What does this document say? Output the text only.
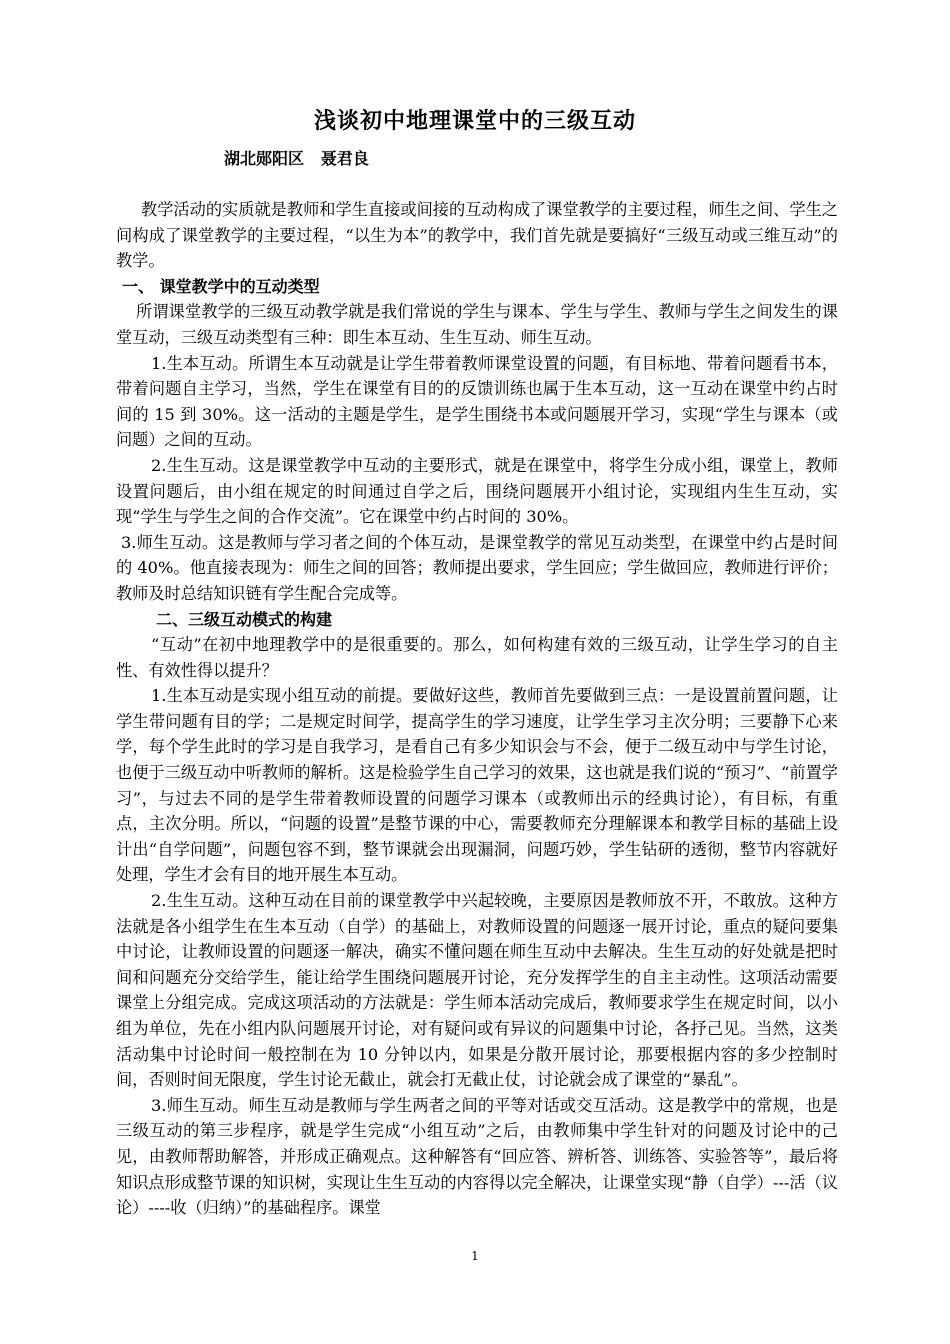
浅谈初中地理课堂中的三级互动
湖北郧阳区   聂君良

教学活动的实质就是教师和学生直接或间接的互动构成了课堂教学的主要过程，师生之间、学生之间构成了课堂教学的主要过程，“以生为本”的教学中，我们首先就是要搞好“三级互动或三维互动”的教学。

一、 课堂教学中的互动类型

所谓课堂教学的三级互动教学就是我们常说的学生与课本、学生与学生、教师与学生之间发生的课堂互动，三级互动类型有三种：即生本互动、生生互动、师生互动。

1.生本互动。所谓生本互动就是让学生带着教师课堂设置的问题，有目标地、带着问题看书本，带着问题自主学习，当然，学生在课堂有目的的反馈训练也属于生本互动，这一互动在课堂中约占时间的 15 到 30%。这一活动的主题是学生，是学生围绕书本或问题展开学习，实现“学生与课本（或问题）之间的互动。

2.生生互动。这是课堂教学中互动的主要形式，就是在课堂中，将学生分成小组，课堂上，教师设置问题后，由小组在规定的时间通过自学之后，围绕问题展开小组讨论，实现组内生生互动，实现“学生与学生之间的合作交流”。它在课堂中约占时间的 30%。

3.师生互动。这是教师与学习者之间的个体互动，是课堂教学的常见互动类型，在课堂中约占是时间的 40%。他直接表现为：师生之间的回答；教师提出要求，学生回应；学生做回应，教师进行评价；教师及时总结知识链有学生配合完成等。

二、三级互动模式的构建

“互动”在初中地理教学中的是很重要的。那么，如何构建有效的三级互动，让学生学习的自主性、有效性得以提升？

1.生本互动是实现小组互动的前提。要做好这些，教师首先要做到三点：一是设置前置问题，让学生带问题有目的学；二是规定时间学，提高学生的学习速度，让学生学习主次分明；三要静下心来学，每个学生此时的学习是自我学习，是看自己有多少知识会与不会，便于二级互动中与学生讨论，也便于三级互动中听教师的解析。这是检验学生自己学习的效果，这也就是我们说的“预习”、“前置学习”，与过去不同的是学生带着教师设置的问题学习课本（或教师出示的经典讨论），有目标，有重点，主次分明。所以，“问题的设置”是整节课的中心，需要教师充分理解课本和教学目标的基础上设计出“自学问题”，问题包容不到，整节课就会出现漏洞，问题巧妙，学生钻研的透彻，整节内容就好处理，学生才会有目的地开展生本互动。

2.生生互动。这种互动在目前的课堂教学中兴起较晚，主要原因是教师放不开，不敢放。这种方法就是各小组学生在生本互动（自学）的基础上，对教师设置的问题逐一展开讨论，重点的疑问要集中讨论，让教师设置的问题逐一解决，确实不懂问题在师生互动中去解决。生生互动的好处就是把时间和问题充分交给学生，能让给学生围绕问题展开讨论，充分发挥学生的自主主动性。这项活动需要课堂上分组完成。完成这项活动的方法就是：学生师本活动完成后，教师要求学生在规定时间，以小组为单位，先在小组内队问题展开讨论，对有疑问或有异议的问题集中讨论，各抒己见。当然，这类活动集中讨论时间一般控制在为 10 分钟以内，如果是分散开展讨论，那要根据内容的多少控制时间，否则时间无限度，学生讨论无截止，就会打无截止仗，讨论就会成了课堂的“暴乱”。

3.师生互动。师生互动是教师与学生两者之间的平等对话或交互活动。这是教学中的常规，也是三级互动的第三步程序，就是学生完成“小组互动”之后，由教师集中学生针对的问题及讨论中的己见，由教师帮助解答，并形成正确观点。这种解答有“回应答、辨析答、训练答、实验答等”，最后将知识点形成整节课的知识树，实现让生生互动的内容得以完全解决，让课堂实现“静（自学）---活（议论）----收（归纳）”的基础程序。课堂

1
